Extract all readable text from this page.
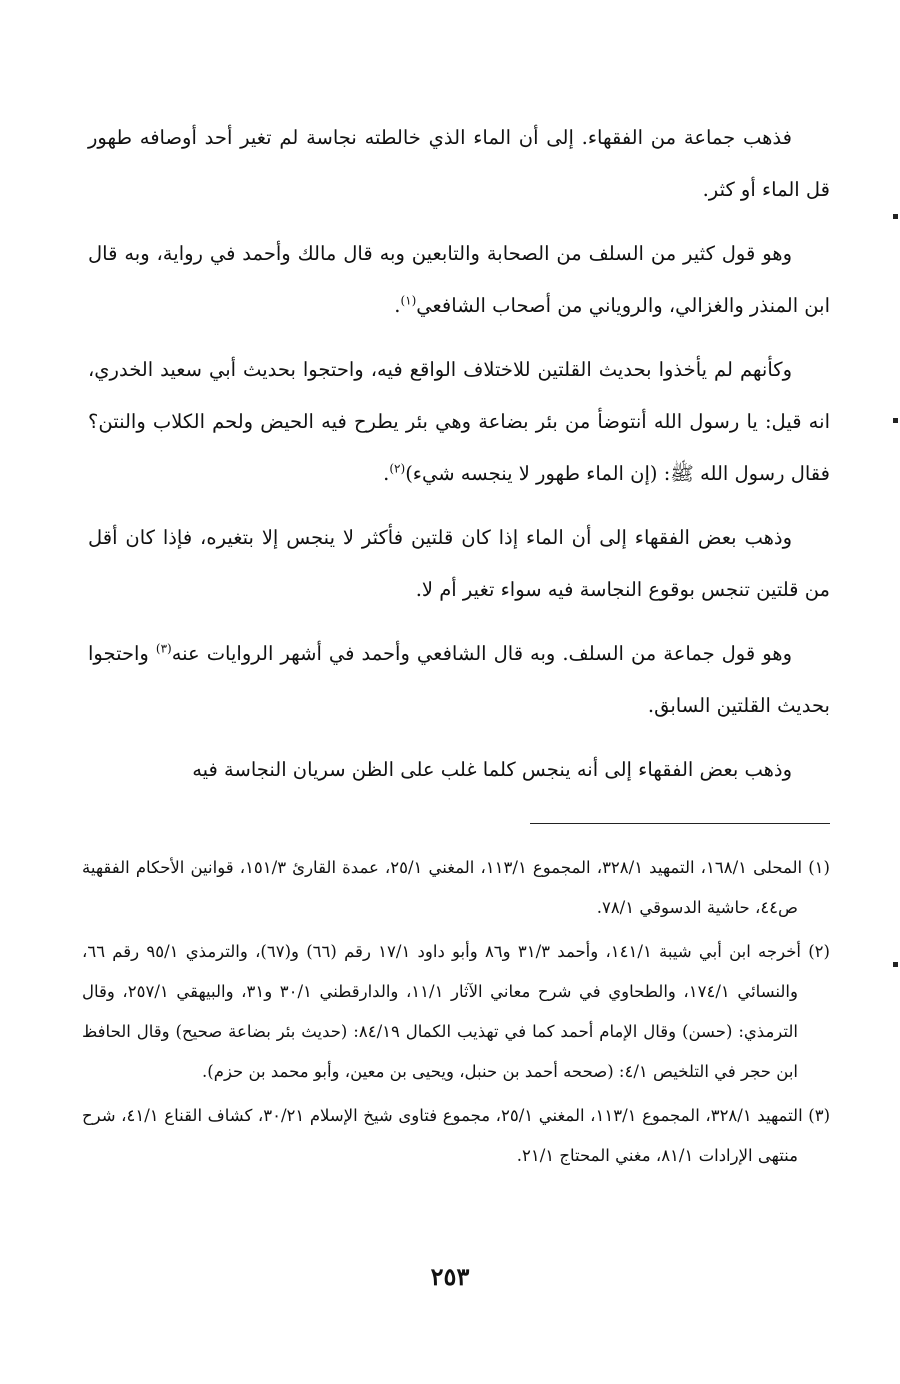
فذهب جماعة من الفقهاء. إلى أن الماء الذي خالطته نجاسة لم تغير أحد أوصافه طهور قل الماء أو كثر.

وهو قول كثير من السلف من الصحابة والتابعين وبه قال مالك وأحمد في رواية، وبه قال ابن المنذر والغزالي، والروياني من أصحاب الشافعي$^{(١)}$.

وكأنهم لم يأخذوا بحديث القلتين للاختلاف الواقع فيه، واحتجوا بحديث أبي سعيد الخدري، انه قيل: يا رسول الله أنتوضأ من بئر بضاعة وهي بئر يطرح فيه الحيض ولحم الكلاب والنتن؟ فقال رسول الله ﷺ: (إن الماء طهور لا ينجسه شيء)$^{(٢)}$.

وذهب بعض الفقهاء إلى أن الماء إذا كان قلتين فأكثر لا ينجس إلا بتغيره، فإذا كان أقل من قلتين تنجس بوقوع النجاسة فيه سواء تغير أم لا.

وهو قول جماعة من السلف. وبه قال الشافعي وأحمد في أشهر الروايات عنه$^{(٣)}$ واحتجوا بحديث القلتين السابق.

وذهب بعض الفقهاء إلى أنه ينجس كلما غلب على الظن سريان النجاسة فيه

(١) المحلى ١٦٨/١، التمهيد ٣٢٨/١، المجموع ١١٣/١، المغني ٢٥/١، عمدة القارئ ١٥١/٣، قوانين الأحكام الفقهية ص٤٤، حاشية الدسوقي ٧٨/١.

(٢) أخرجه ابن أبي شيبة ١٤١/١، وأحمد ٣١/٣ و٨٦ وأبو داود ١٧/١ رقم (٦٦) و(٦٧)، والترمذي ٩٥/١ رقم ٦٦، والنسائي ١٧٤/١، والطحاوي في شرح معاني الآثار ١١/١، والدارقطني ٣٠/١ و٣١، والبيهقي ٢٥٧/١، وقال الترمذي: (حسن) وقال الإمام أحمد كما في تهذيب الكمال ٨٤/١٩: (حديث بئر بضاعة صحيح) وقال الحافظ ابن حجر في التلخيص ٤/١: (صححه أحمد بن حنبل، ويحيى بن معين، وأبو محمد بن حزم).

(٣) التمهيد ٣٢٨/١، المجموع ١١٣/١، المغني ٢٥/١، مجموع فتاوى شيخ الإسلام ٣٠/٢١، كشاف القناع ٤١/١، شرح منتهى الإرادات ٨١/١، مغني المحتاج ٢١/١.

٢٥٣
